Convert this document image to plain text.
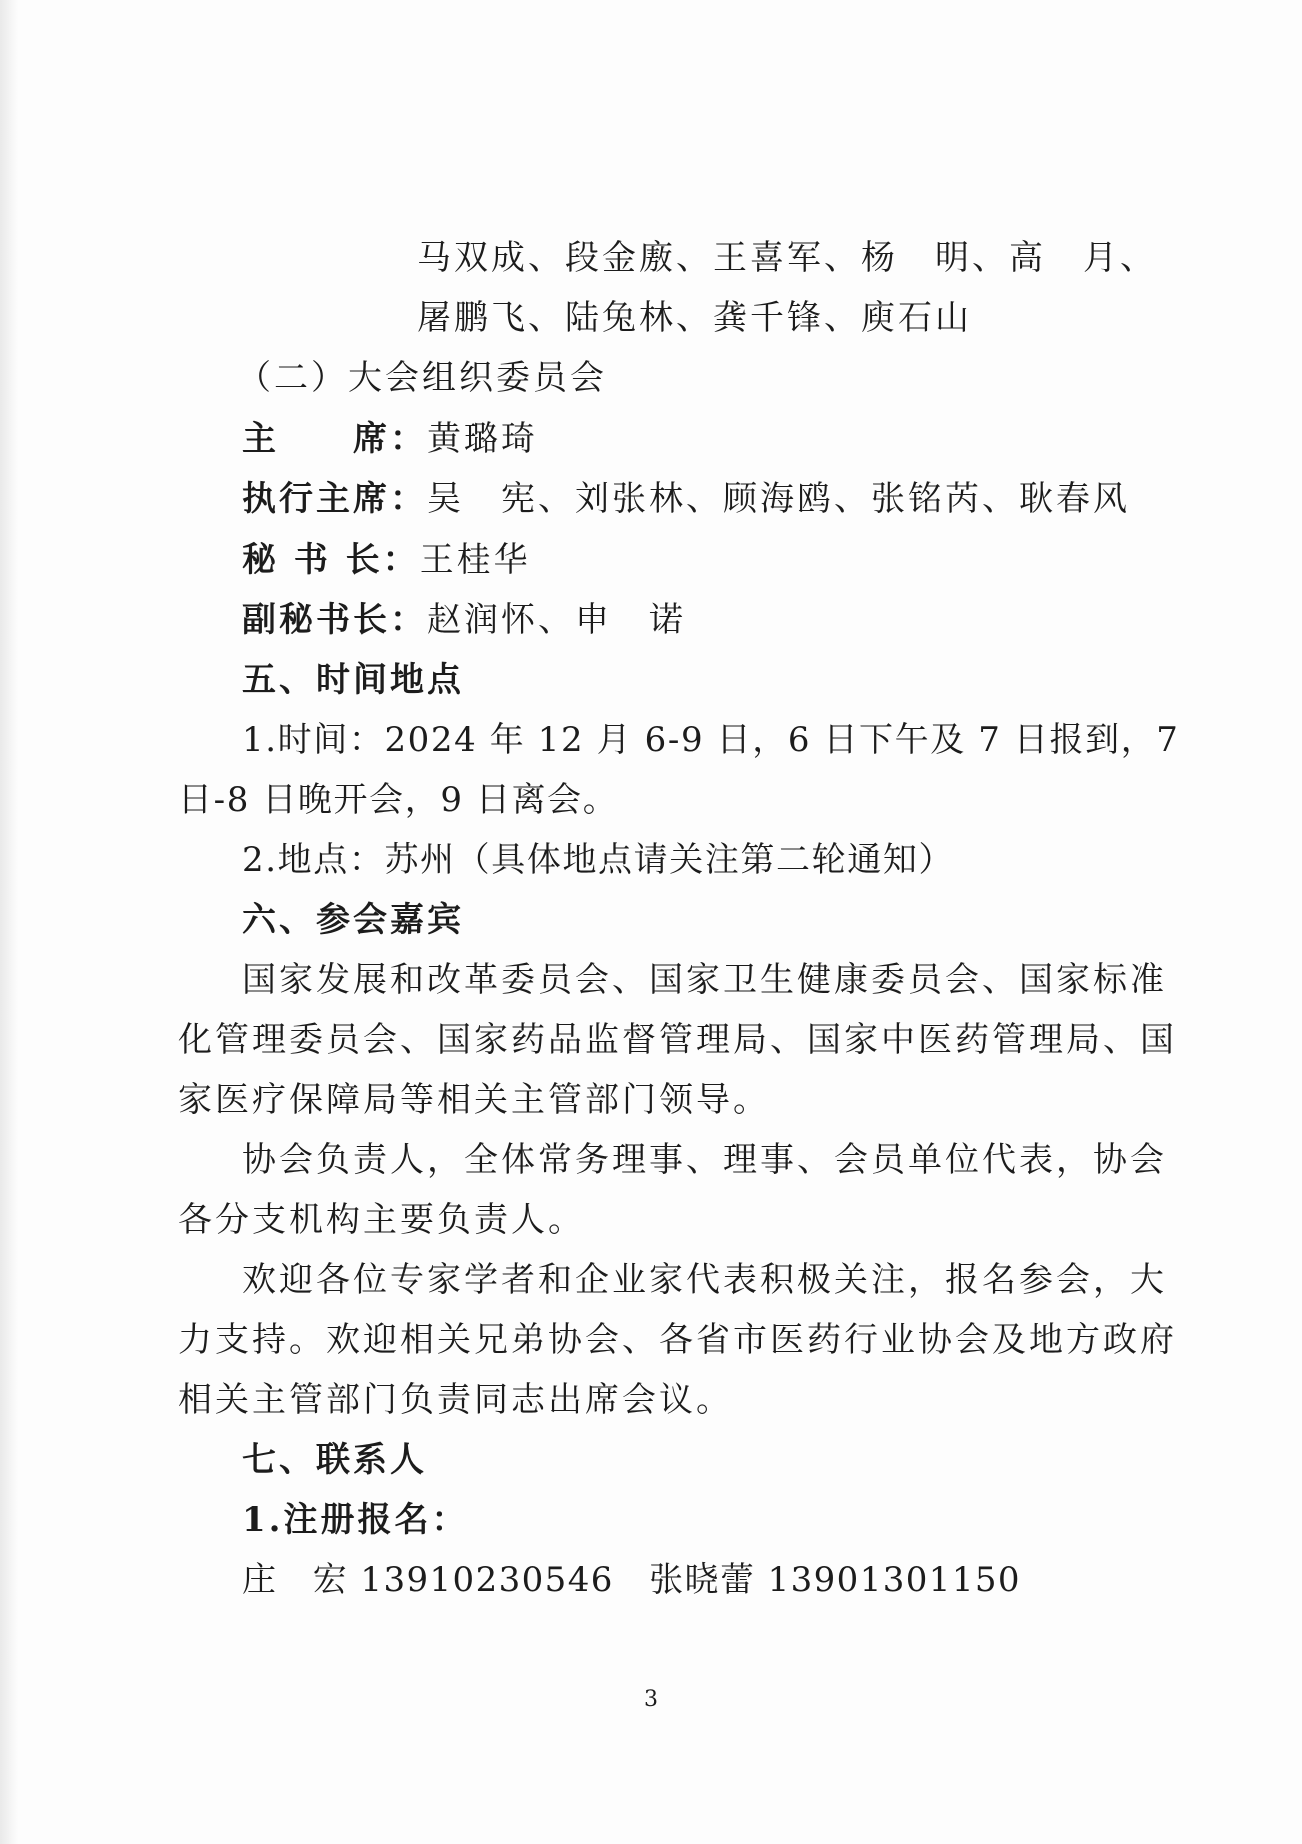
马双成、段金廒、王喜军、杨　明、高　月、
屠鹏飞、陆兔林、龚千锋、庾石山
（二）大会组织委员会
主　　席：黄璐琦
执行主席：吴　宪、刘张林、顾海鸥、张铭芮、耿春风
秘 书 长：王桂华
副秘书长：赵润怀、申　诺
五、时间地点
1.时间：2024 年 12 月 6-9 日，6 日下午及 7 日报到，7
日-8 日晚开会，9 日离会。
2.地点：苏州（具体地点请关注第二轮通知）
六、参会嘉宾
国家发展和改革委员会、国家卫生健康委员会、国家标准
化管理委员会、国家药品监督管理局、国家中医药管理局、国
家医疗保障局等相关主管部门领导。
协会负责人，全体常务理事、理事、会员单位代表，协会
各分支机构主要负责人。
欢迎各位专家学者和企业家代表积极关注，报名参会，大
力支持。欢迎相关兄弟协会、各省市医药行业协会及地方政府
相关主管部门负责同志出席会议。
七、联系人
1.注册报名：
庄　宏 13910230546　张晓蕾 13901301150
3
